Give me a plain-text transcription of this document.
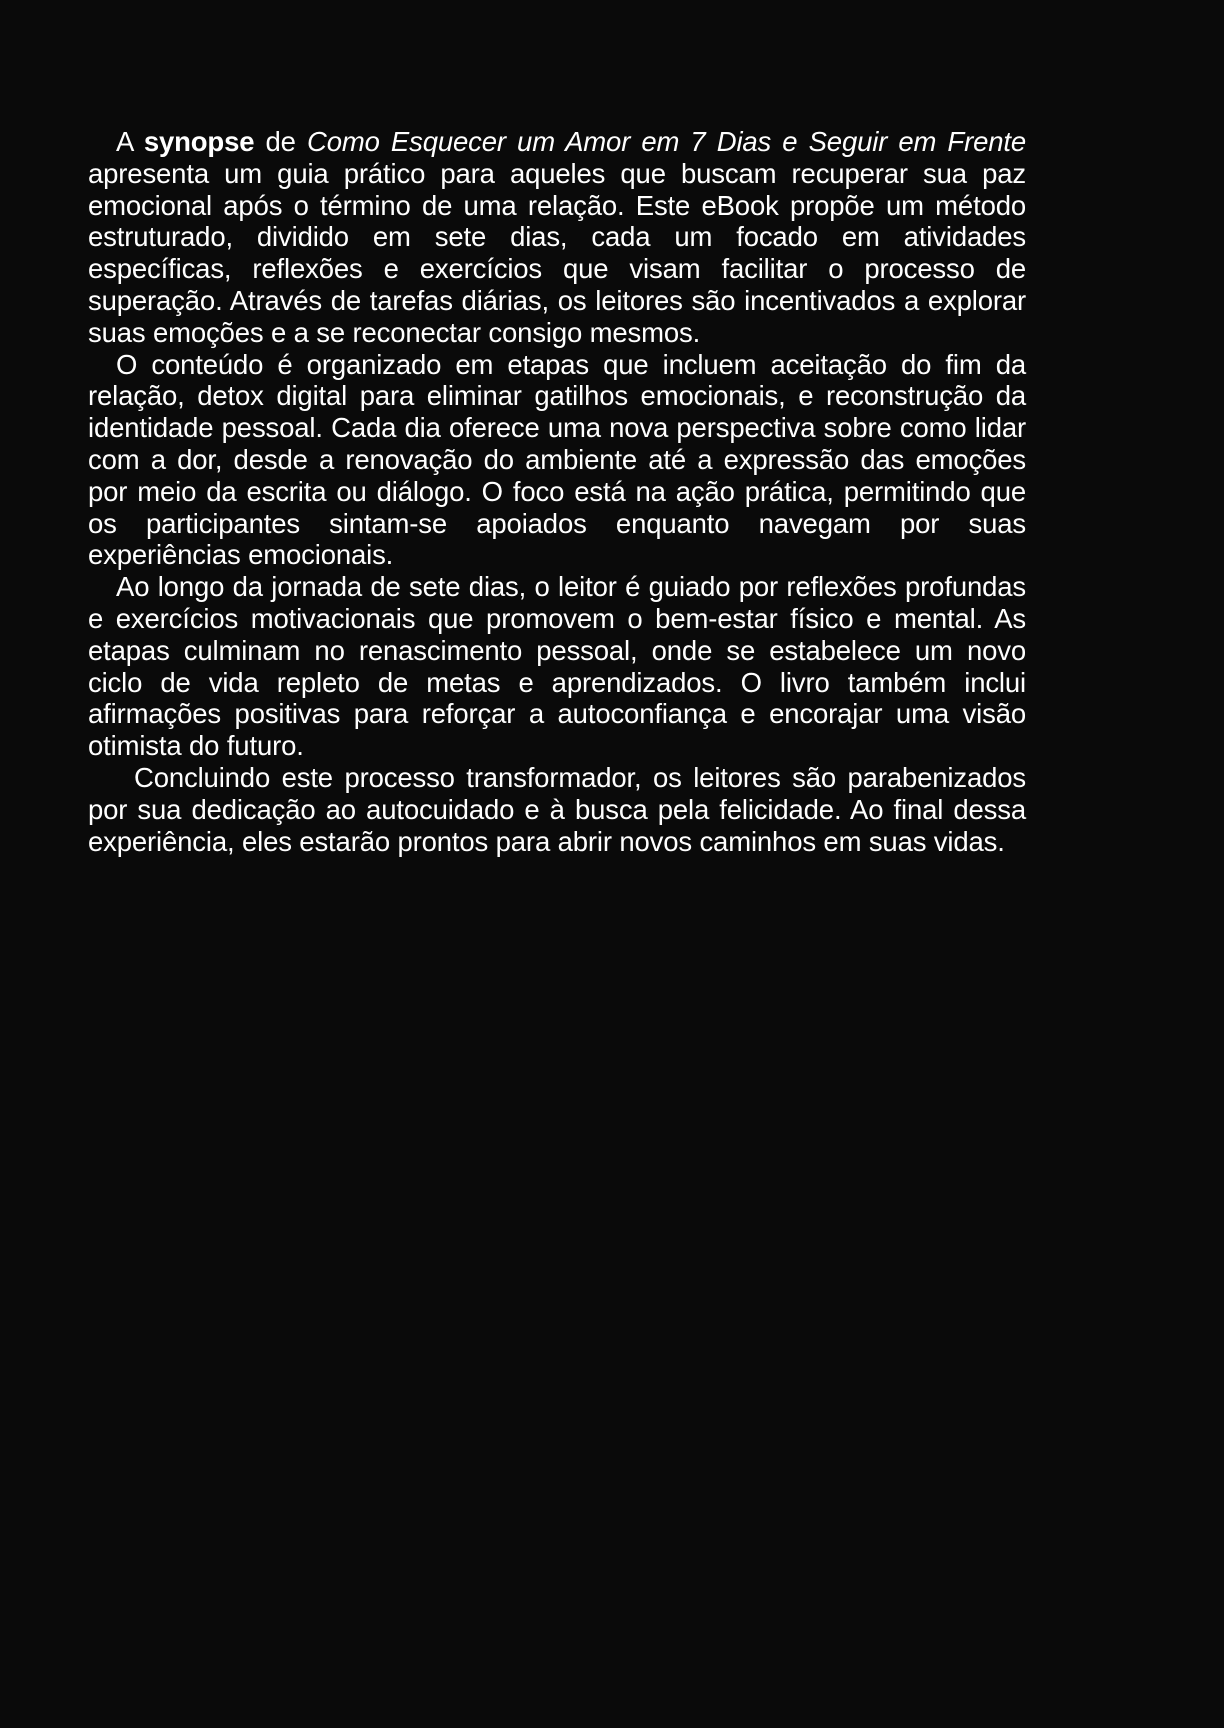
A synopse de Como Esquecer um Amor em 7 Dias e Seguir em Frente apresenta um guia prático para aqueles que buscam recuperar sua paz emocional após o término de uma relação. Este eBook propõe um método estruturado, dividido em sete dias, cada um focado em atividades específicas, reflexões e exercícios que visam facilitar o processo de superação. Através de tarefas diárias, os leitores são incentivados a explorar suas emoções e a se reconectar consigo mesmos.

O conteúdo é organizado em etapas que incluem aceitação do fim da relação, detox digital para eliminar gatilhos emocionais, e reconstrução da identidade pessoal. Cada dia oferece uma nova perspectiva sobre como lidar com a dor, desde a renovação do ambiente até a expressão das emoções por meio da escrita ou diálogo. O foco está na ação prática, permitindo que os participantes sintam-se apoiados enquanto navegam por suas experiências emocionais.

Ao longo da jornada de sete dias, o leitor é guiado por reflexões profundas e exercícios motivacionais que promovem o bem-estar físico e mental. As etapas culminam no renascimento pessoal, onde se estabelece um novo ciclo de vida repleto de metas e aprendizados. O livro também inclui afirmações positivas para reforçar a autoconfiança e encorajar uma visão otimista do futuro.

Concluindo este processo transformador, os leitores são parabenizados por sua dedicação ao autocuidado e à busca pela felicidade. Ao final dessa experiência, eles estarão prontos para abrir novos caminhos em suas vidas.
